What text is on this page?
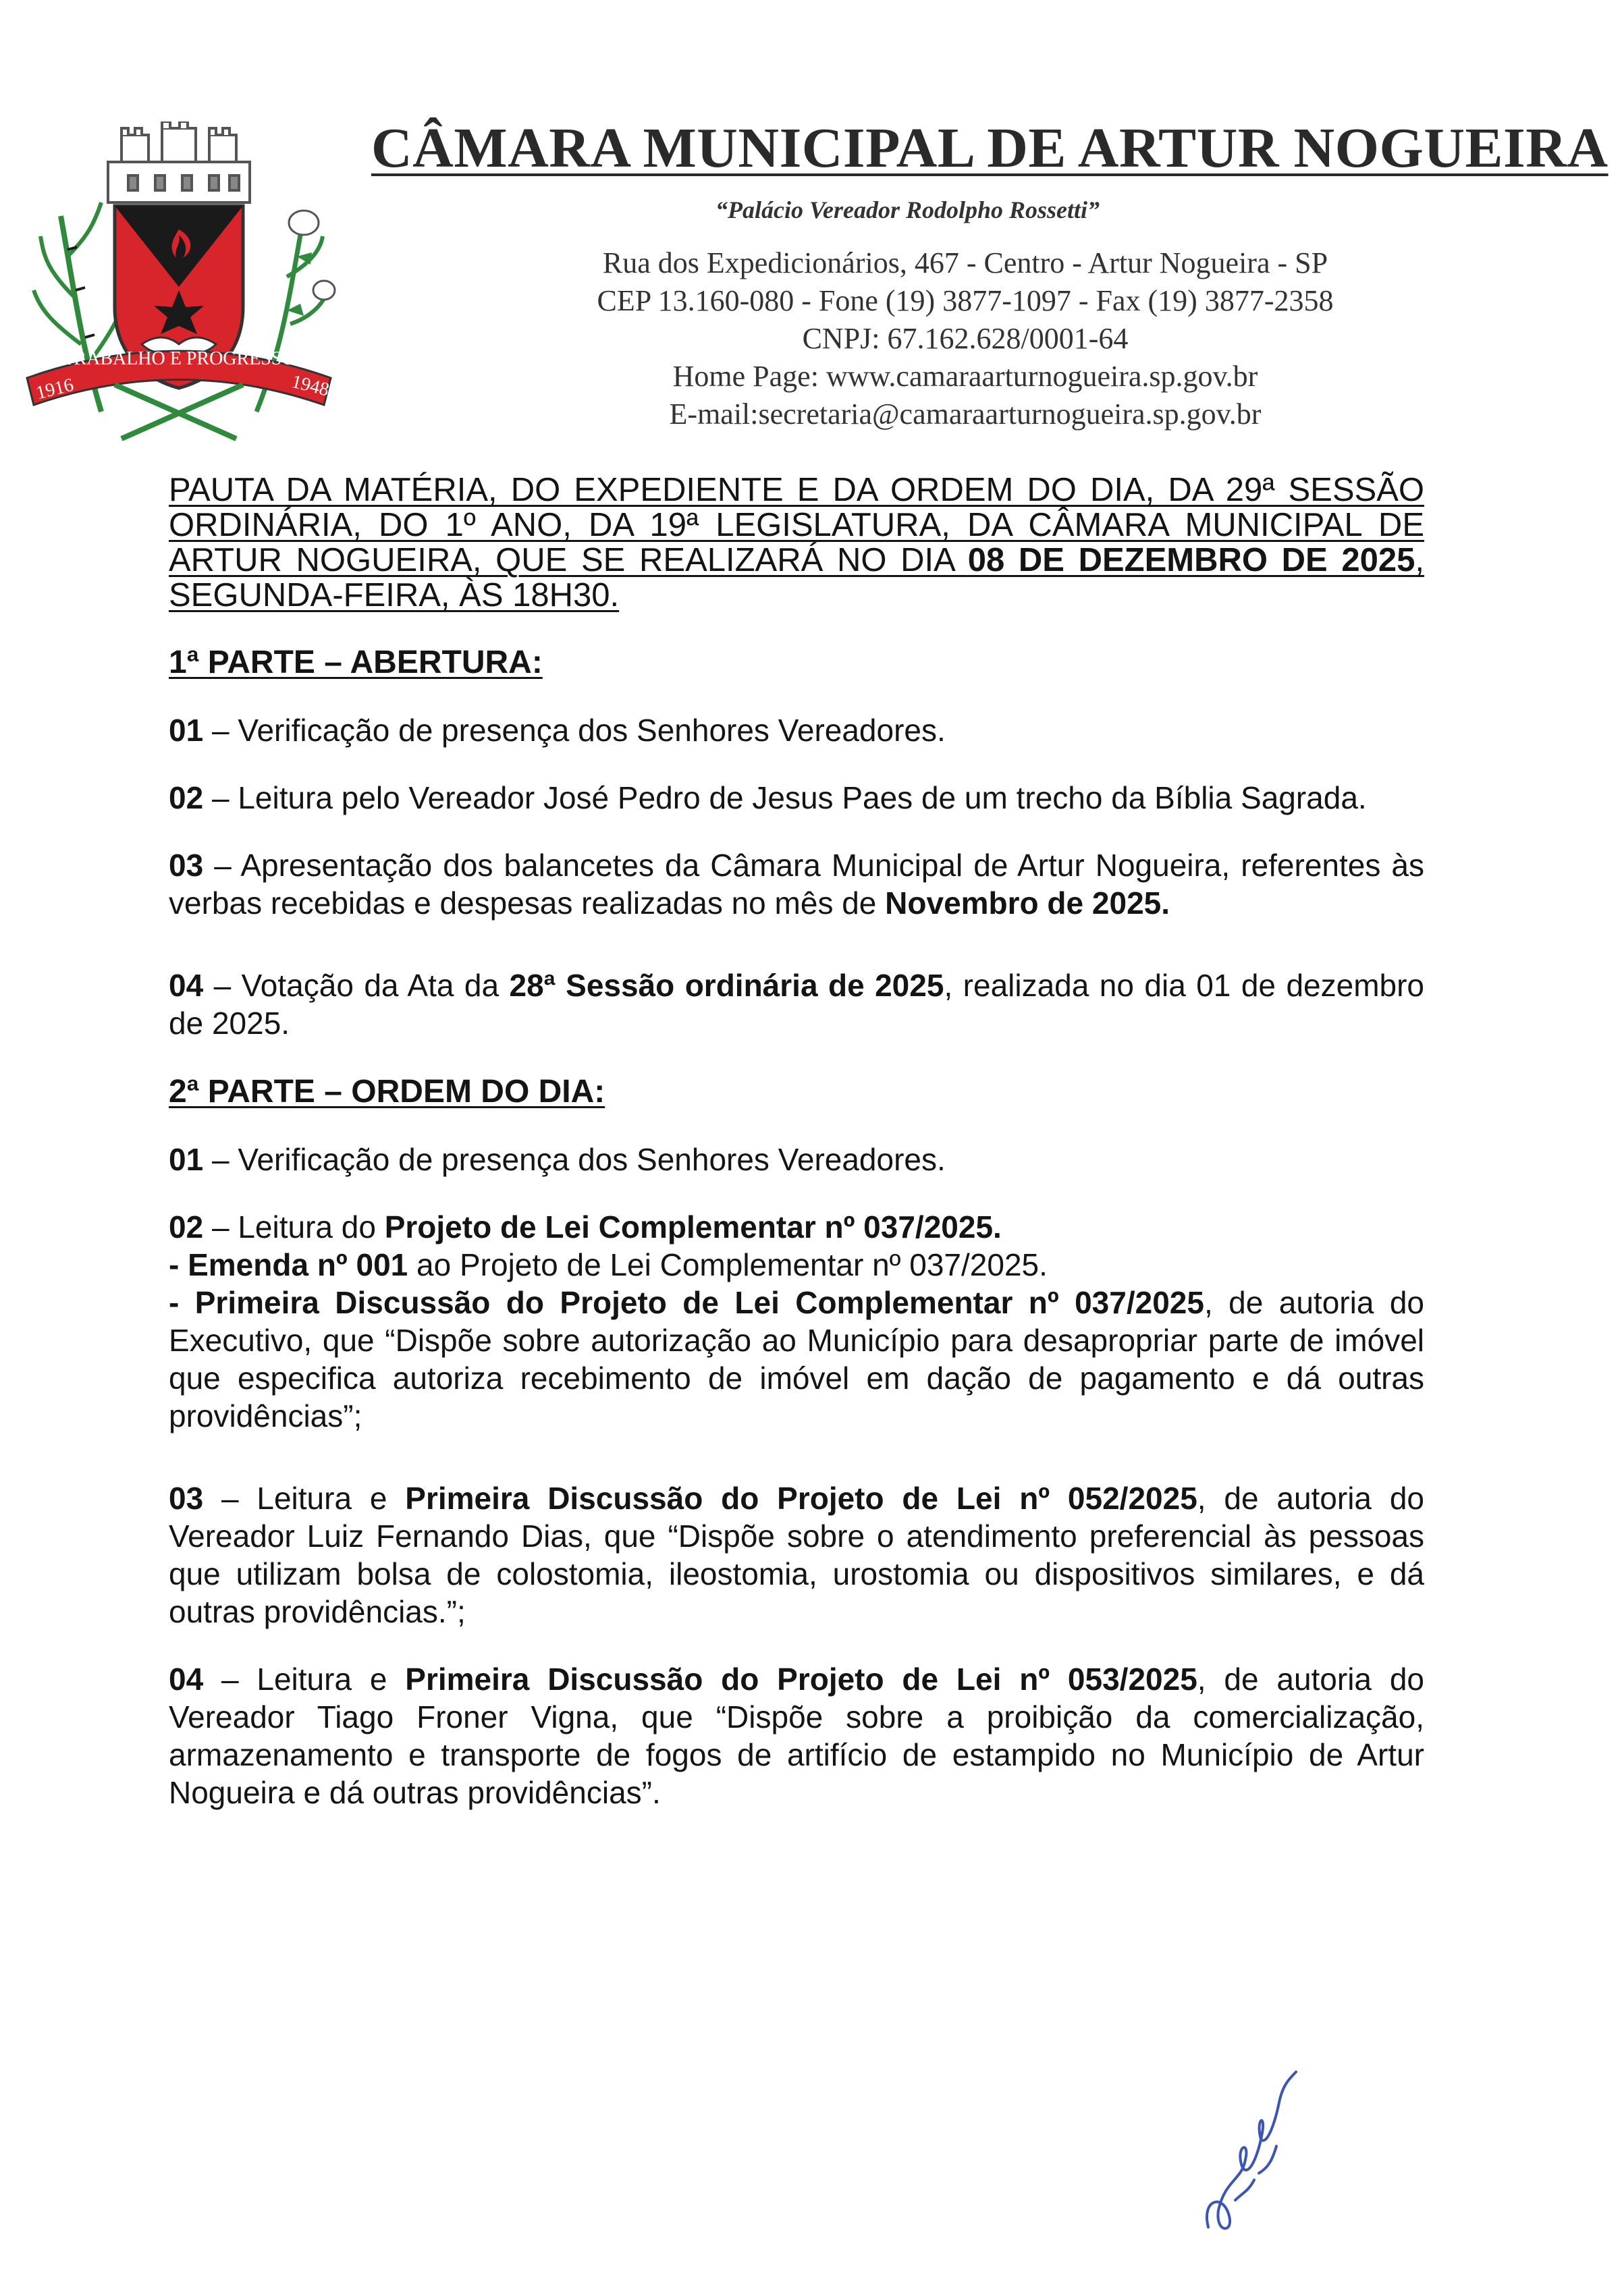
1916
TRABALHO E PROGRESSO
1948
CÂMARA MUNICIPAL DE ARTUR NOGUEIRA
“Palácio Vereador Rodolpho Rossetti”
Rua dos Expedicionários, 467 - Centro - Artur Nogueira - SP
CEP 13.160-080 - Fone (19) 3877-1097 - Fax (19) 3877-2358
CNPJ: 67.162.628/0001-64
Home Page: www.camaraarturnogueira.sp.gov.br
E-mail:secretaria@camaraarturnogueira.sp.gov.br

PAUTA DA MATÉRIA, DO EXPEDIENTE E DA ORDEM DO DIA, DA 29ª SESSÃO ORDINÁRIA, DO 1º ANO, DA 19ª LEGISLATURA, DA CÂMARA MUNICIPAL DE ARTUR NOGUEIRA, QUE SE REALIZARÁ NO DIA 08 DE DEZEMBRO DE 2025, SEGUNDA-FEIRA, ÀS 18H30.

1ª PARTE – ABERTURA:

01 – Verificação de presença dos Senhores Vereadores.

02 – Leitura pelo Vereador José Pedro de Jesus Paes de um trecho da Bíblia Sagrada.

03 – Apresentação dos balancetes da Câmara Municipal de Artur Nogueira, referentes às verbas recebidas e despesas realizadas no mês de Novembro de 2025.

04 – Votação da Ata da 28ª Sessão ordinária de 2025, realizada no dia 01 de dezembro de 2025.

2ª PARTE – ORDEM DO DIA:

01 – Verificação de presença dos Senhores Vereadores.

02 – Leitura do Projeto de Lei Complementar nº 037/2025.

- Emenda nº 001 ao Projeto de Lei Complementar nº 037/2025.

- Primeira Discussão do Projeto de Lei Complementar nº 037/2025, de autoria do Executivo, que “Dispõe sobre autorização ao Município para desapropriar parte de imóvel que especifica autoriza recebimento de imóvel em dação de pagamento e dá outras providências”;

03 – Leitura e Primeira Discussão do Projeto de Lei nº 052/2025, de autoria do Vereador Luiz Fernando Dias, que “Dispõe sobre o atendimento preferencial às pessoas que utilizam bolsa de colostomia, ileostomia, urostomia ou dispositivos similares, e dá outras providências.”;

04 – Leitura e Primeira Discussão do Projeto de Lei nº 053/2025, de autoria do Vereador Tiago Froner Vigna, que “Dispõe sobre a proibição da comercialização, armazenamento e transporte de fogos de artifício de estampido no Município de Artur Nogueira e dá outras providências”.
